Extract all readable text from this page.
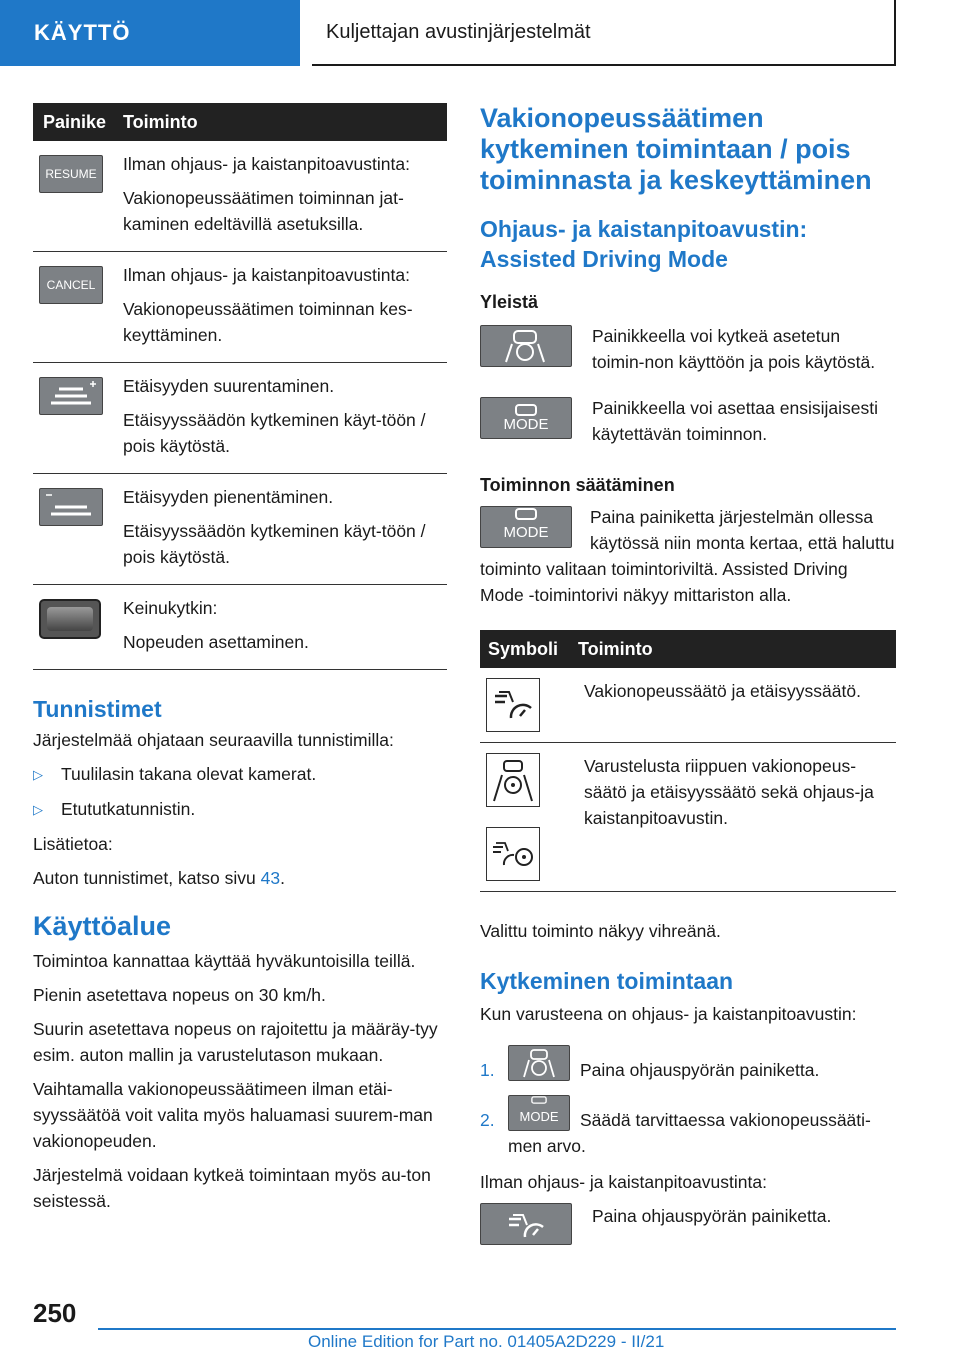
KÄYTTÖ	Kuljettajan avustinjärjestelmät
Painike Toiminto
RESUME	Ilman ohjaus- ja kaistanpitoavustinta:

Vakionopeussäätimen toiminnan jat-kaminen edeltävillä asetuksilla.

CANCEL	Ilman ohjaus- ja kaistanpitoavustinta:

Vakionopeussäätimen toiminnan kes-keyttäminen.

Etäisyyden suurentaminen.

Etäisyyssäädön kytkeminen käyt-töön / pois käytöstä.

Etäisyyden pienentäminen.

Etäisyyssäädön kytkeminen käyt-töön / pois käytöstä.

Keinukytkin:

Nopeuden asettaminen.

Tunnistimet

Järjestelmää ohjataan seuraavilla tunnistimilla:

▷	Tuulilasin takana olevat kamerat.
▷	Etututkatunnistin.

Lisätietoa:

Auton tunnistimet, katso sivu 43.

Käyttöalue

Toimintoa kannattaa käyttää hyväkuntoisilla teillä.

Pienin asetettava nopeus on 30 km/h.

Suurin asetettava nopeus on rajoitettu ja määräy-tyy esim. auton mallin ja varustelutason mukaan.

Vaihtamalla vakionopeussäätimeen ilman etäi-syyssäätöä voit valita myös haluamasi suurem-man vakionopeuden.

Järjestelmä voidaan kytkeä toimintaan myös au-ton seistessä.

Vakionopeussäätimen kytkeminen toimintaan / pois toiminnasta ja keskeyttäminen
Ohjaus- ja kaistanpitoavustin: Assisted Driving Mode

Yleistä

Painikkeella voi kytkeä asetetun toimin-non käyttöön ja pois käytöstä.
MODE
Painikkeella voi asettaa ensisijaisesti käytettävän toiminnon.

Toiminnon säätäminen

MODE
Paina painiketta järjestelmän ollessa käytössä niin monta kertaa, että haluttu toiminto valitaan toimintoriviltä. Assisted Driving Mode -toimintorivi näkyy mittariston alla.
Symboli	Toiminto
Vakionopeussäätö ja etäisyyssäätö.
Varustelusta riippuen vakionopeus-säätö ja etäisyyssäätö sekä ohjaus-ja kaistanpitoavustin.

Valittu toiminto näkyy vihreänä.

Kytkeminen toimintaan

Kun varusteena on ohjaus- ja kaistanpitoavustin:

1.	Paina ohjauspyörän painiketta.
2.	MODE Säädä tarvittaessa vakionopeussääti-
men arvo.

Ilman ohjaus- ja kaistanpitoavustinta:

Paina ohjauspyörän painiketta.
250
Online Edition for Part no. 01405A2D229 - II/21
